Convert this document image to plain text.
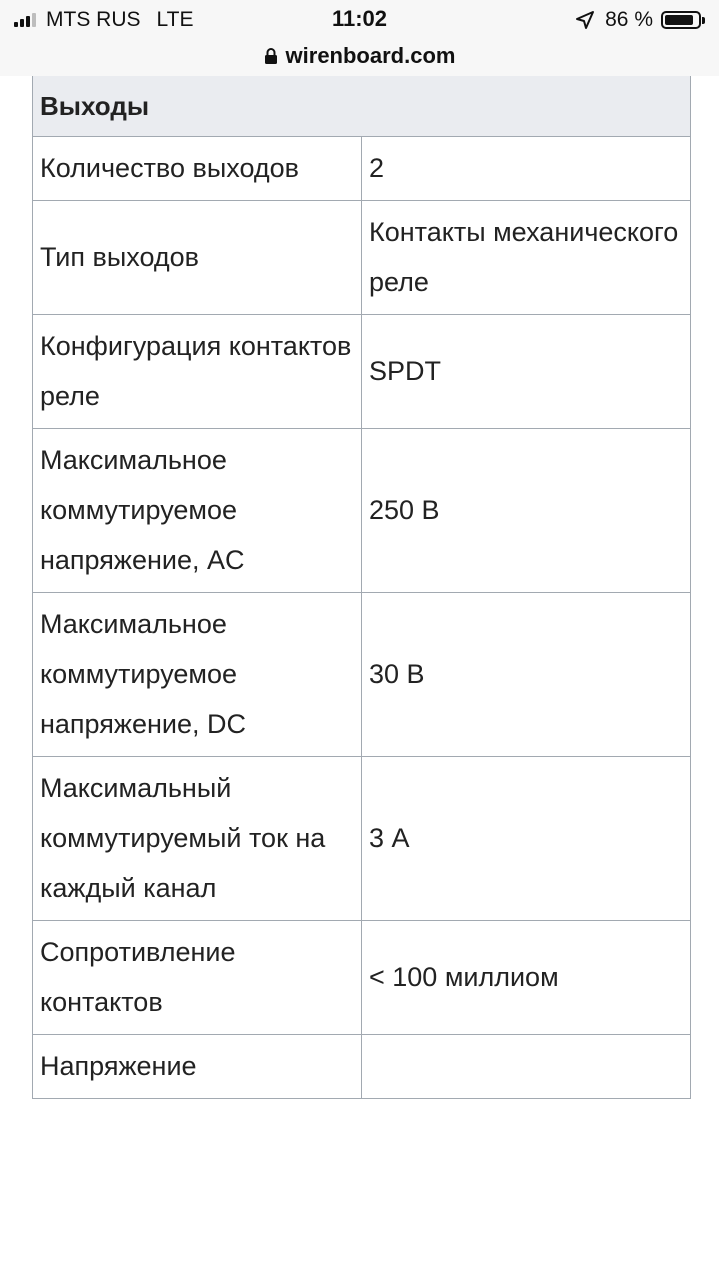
MTS RUS LTE	11:02	86 %
wirenboard.com
Выходы	
Количество выходов	2
Тип выходов	Контакты механического реле
Конфигурация контактов реле	SPDT
Максимальное коммутируемое напряжение, AC	250 В
Максимальное коммутируемое напряжение, DC	30 В
Максимальный коммутируемый ток на каждый канал	3 А
Сопротивление контактов	< 100 миллиом
Напряжение	
